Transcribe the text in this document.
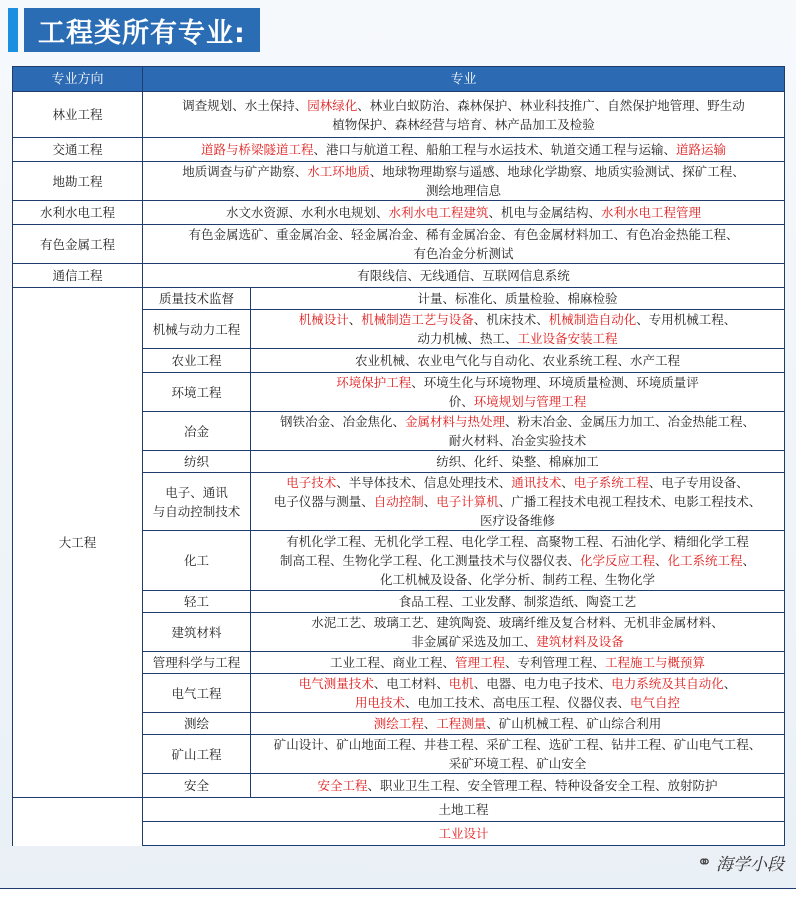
工程类所有专业:
专业方向	专业	
林业工程	调查规划、水土保持、园林绿化、林业白蚁防治、森林保护、林业科技推广、自然保护地管理、野生动
植物保护、森林经营与培育、林产品加工及检验	
交通工程	道路与桥梁隧道工程、港口与航道工程、船舶工程与水运技术、轨道交通工程与运输、道路运输	
地勘工程	地质调查与矿产勘察、水工环地质、地球物理勘察与遥感、地球化学勘察、地质实验测试、探矿工程、
测绘地理信息	
水利水电工程	水文水资源、水利水电规划、水利水电工程建筑、机电与金属结构、水利水电工程管理	
有色金属工程	有色金属选矿、重金属冶金、轻金属冶金、稀有金属冶金、有色金属材料加工、有色冶金热能工程、
有色冶金分析测试	
通信工程	有限线信、无线通信、互联网信息系统	
大工程	质量技术监督	计量、标准化、质量检验、棉麻检验
	机械与动力工程	机械设计、机械制造工艺与设备、机床技术、机械制造自动化、专用机械工程、
动力机械、热工、工业设备安装工程
	农业工程	农业机械、农业电气化与自动化、农业系统工程、水产工程
	环境工程	环境保护工程、环境生化与环境物理、环境质量检测、环境质量评
价、环境规划与管理工程
	冶金	钢铁冶金、冶金焦化、金属材料与热处理、粉末冶金、金属压力加工、冶金热能工程、
耐火材料、冶金实验技术
	纺织	纺织、化纤、染整、棉麻加工
	电子、通讯
与自动控制技术	电子技术、半导体技术、信息处理技术、通讯技术、电子系统工程、电子专用设备、
电子仪器与测量、自动控制、电子计算机、广播工程技术电视工程技术、电影工程技术、
医疗设备维修
	化工	有机化学工程、无机化学工程、电化学工程、高聚物工程、石油化学、精细化学工程
制高工程、生物化学工程、化工测量技术与仪器仪表、化学反应工程、化工系统工程、
化工机械及设备、化学分析、制药工程、生物化学
	轻工	食品工程、工业发酵、制浆造纸、陶瓷工艺
	建筑材料	水泥工艺、玻璃工艺、建筑陶瓷、玻璃纤维及复合材料、无机非金属材料、
非金属矿采选及加工、建筑材料及设备
	管理科学与工程	工业工程、商业工程、管理工程、专利管理工程、工程施工与概预算
	电气工程	电气测量技术、电工材料、电机、电器、电力电子技术、电力系统及其自动化、
用电技术、电加工技术、高电压工程、仪器仪表、电气自控
	测绘	测绘工程、工程测量、矿山机械工程、矿山综合利用
	矿山工程	矿山设计、矿山地面工程、井巷工程、采矿工程、选矿工程、钻井工程、矿山电气工程、
采矿环境工程、矿山安全
	安全	安全工程、职业卫生工程、安全管理工程、特种设备安全工程、放射防护
	土地工程	
	工业设计	
⚭ 海学小段
